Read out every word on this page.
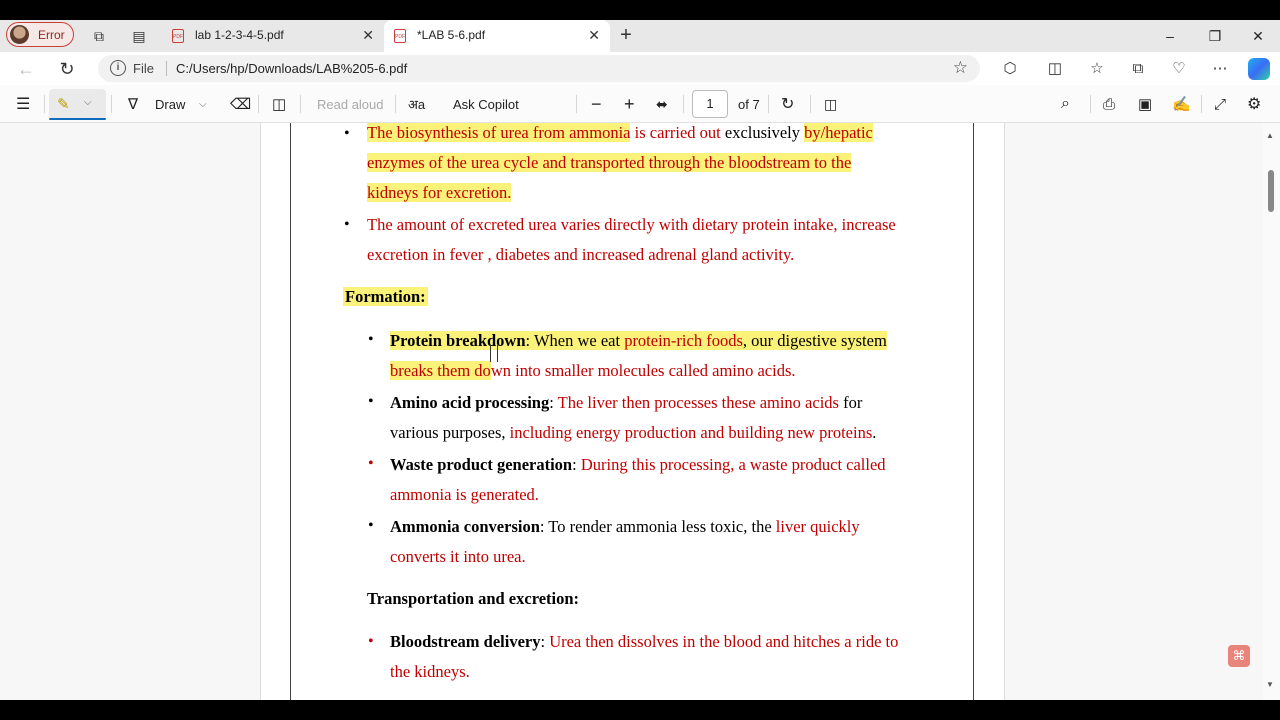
Error	⧉	▤	PDF lab 1-2-3-4-5.pdf	✕	PDF *LAB 5-6.pdf	✕	+	–	❐ ✕
← ↻	i	File C:/Users/hp/Downloads/LAB%205-6.pdf	☆	⬡	◫	☆	⧉	♡	⋯
☰ ✎ ⌵ ∇ Draw ⌵ ⌫ ◫ Read aloud अa Ask Copilot	− + ⬌	1	of 7 ↻ ◫	⌕ ⎙ ▣ ✍ ⤢ ⚙
• The biosynthesis of urea from ammonia is carried out exclusively by/hepatic
enzymes of the urea cycle and transported through the bloodstream to the
kidneys for excretion.
• The amount of excreted urea varies directly with dietary protein intake, increase
excretion in fever , diabetes and increased adrenal gland activity.
Formation:
• Protein breakdown: When we eat protein-rich foods, our digestive system
breaks them down into smaller molecules called amino acids.
• Amino acid processing: The liver then processes these amino acids for
various purposes, including energy production and building new proteins.
• Waste product generation: During this processing, a waste product called
ammonia is generated.
• Ammonia conversion: To render ammonia less toxic, the liver quickly
converts it into urea.
Transportation and excretion:
• Bloodstream delivery: Urea then dissolves in the blood and hitches a ride to
the kidneys.
▲
▼
⌘
